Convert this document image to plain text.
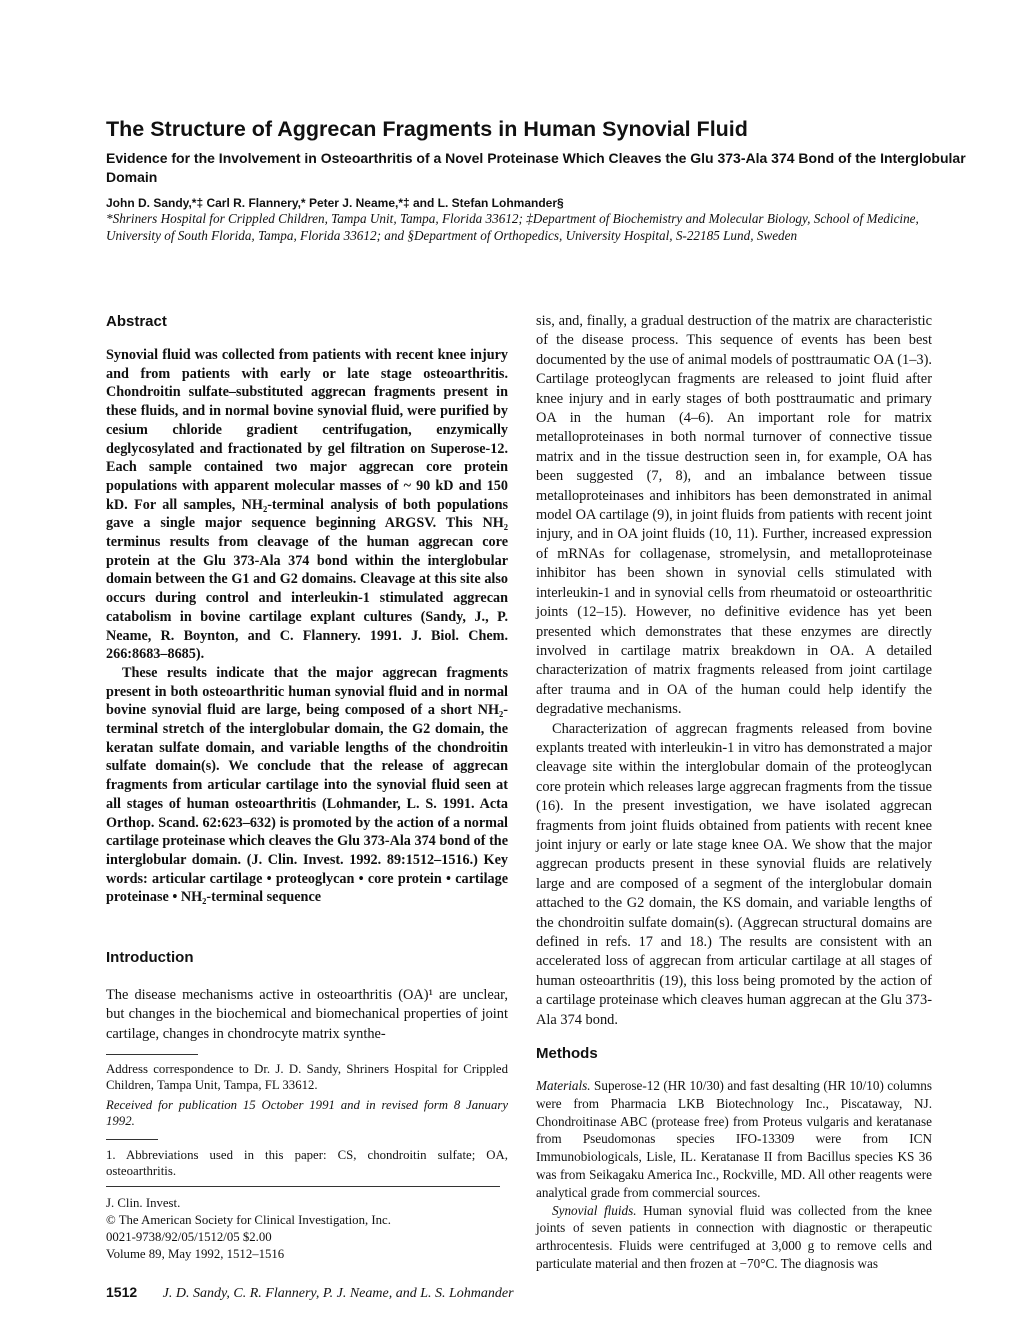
The Structure of Aggrecan Fragments in Human Synovial Fluid
Evidence for the Involvement in Osteoarthritis of a Novel Proteinase Which Cleaves the Glu 373-Ala 374 Bond of the Interglobular Domain
John D. Sandy,*‡ Carl R. Flannery,* Peter J. Neame,*‡ and L. Stefan Lohmander§
*Shriners Hospital for Crippled Children, Tampa Unit, Tampa, Florida 33612; ‡Department of Biochemistry and Molecular Biology, School of Medicine, University of South Florida, Tampa, Florida 33612; and §Department of Orthopedics, University Hospital, S-22185 Lund, Sweden
Abstract

Synovial fluid was collected from patients with recent knee injury and from patients with early or late stage osteoarthritis. Chondroitin sulfate–substituted aggrecan fragments present in these fluids, and in normal bovine synovial fluid, were purified by cesium chloride gradient centrifugation, enzymically deglycosylated and fractionated by gel filtration on Superose-12. Each sample contained two major aggrecan core protein populations with apparent molecular masses of ~ 90 kD and 150 kD. For all samples, NH₂-terminal analysis of both populations gave a single major sequence beginning ARGSV. This NH₂ terminus results from cleavage of the human aggrecan core protein at the Glu 373-Ala 374 bond within the interglobular domain between the G1 and G2 domains. Cleavage at this site also occurs during control and interleukin-1 stimulated aggrecan catabolism in bovine cartilage explant cultures (Sandy, J., P. Neame, R. Boynton, and C. Flannery. 1991. J. Biol. Chem. 266:8683–8685).

These results indicate that the major aggrecan fragments present in both osteoarthritic human synovial fluid and in normal bovine synovial fluid are large, being composed of a short NH₂-terminal stretch of the interglobular domain, the G2 domain, the keratan sulfate domain, and variable lengths of the chondroitin sulfate domain(s). We conclude that the release of aggrecan fragments from articular cartilage into the synovial fluid seen at all stages of human osteoarthritis (Lohmander, L. S. 1991. Acta Orthop. Scand. 62:623–632) is promoted by the action of a normal cartilage proteinase which cleaves the Glu 373-Ala 374 bond of the interglobular domain. (J. Clin. Invest. 1992. 89:1512–1516.) Key words: articular cartilage • proteoglycan • core protein • cartilage proteinase • NH₂-terminal sequence

Introduction

The disease mechanisms active in osteoarthritis (OA)¹ are unclear, but changes in the biochemical and biomechanical properties of joint cartilage, changes in chondrocyte matrix synthe-

Address correspondence to Dr. J. D. Sandy, Shriners Hospital for Crippled Children, Tampa Unit, Tampa, FL 33612.
Received for publication 15 October 1991 and in revised form 8 January 1992.
1. Abbreviations used in this paper: CS, chondroitin sulfate; OA, osteoarthritis.
J. Clin. Invest.
© The American Society for Clinical Investigation, Inc.
0021-9738/92/05/1512/05 $2.00
Volume 89, May 1992, 1512–1516

sis, and, finally, a gradual destruction of the matrix are characteristic of the disease process. This sequence of events has been best documented by the use of animal models of posttraumatic OA (1–3). Cartilage proteoglycan fragments are released to joint fluid after knee injury and in early stages of both posttraumatic and primary OA in the human (4–6). An important role for matrix metalloproteinases in both normal turnover of connective tissue matrix and in the tissue destruction seen in, for example, OA has been suggested (7, 8), and an imbalance between tissue metalloproteinases and inhibitors has been demonstrated in animal model OA cartilage (9), in joint fluids from patients with recent joint injury, and in OA joint fluids (10, 11). Further, increased expression of mRNAs for collagenase, stromelysin, and metalloproteinase inhibitor has been shown in synovial cells stimulated with interleukin-1 and in synovial cells from rheumatoid or osteoarthritic joints (12–15). However, no definitive evidence has yet been presented which demonstrates that these enzymes are directly involved in cartilage matrix breakdown in OA. A detailed characterization of matrix fragments released from joint cartilage after trauma and in OA of the human could help identify the degradative mechanisms.

Characterization of aggrecan fragments released from bovine explants treated with interleukin-1 in vitro has demonstrated a major cleavage site within the interglobular domain of the proteoglycan core protein which releases large aggrecan fragments from the tissue (16). In the present investigation, we have isolated aggrecan fragments from joint fluids obtained from patients with recent knee joint injury or early or late stage knee OA. We show that the major aggrecan products present in these synovial fluids are relatively large and are composed of a segment of the interglobular domain attached to the G2 domain, the KS domain, and variable lengths of the chondroitin sulfate domain(s). (Aggrecan structural domains are defined in refs. 17 and 18.) The results are consistent with an accelerated loss of aggrecan from articular cartilage at all stages of human osteoarthritis (19), this loss being promoted by the action of a cartilage proteinase which cleaves human aggrecan at the Glu 373-Ala 374 bond.

Methods

Materials. Superose-12 (HR 10/30) and fast desalting (HR 10/10) columns were from Pharmacia LKB Biotechnology Inc., Piscataway, NJ. Chondroitinase ABC (protease free) from Proteus vulgaris and keratanase from Pseudomonas species IFO-13309 were from ICN Immunobiologicals, Lisle, IL. Keratanase II from Bacillus species KS 36 was from Seikagaku America Inc., Rockville, MD. All other reagents were analytical grade from commercial sources.

Synovial fluids. Human synovial fluid was collected from the knee joints of seven patients in connection with diagnostic or therapeutic arthrocentesis. Fluids were centrifuged at 3,000 g to remove cells and particulate material and then frozen at −70°C. The diagnosis was

1512 J. D. Sandy, C. R. Flannery, P. J. Neame, and L. S. Lohmander
